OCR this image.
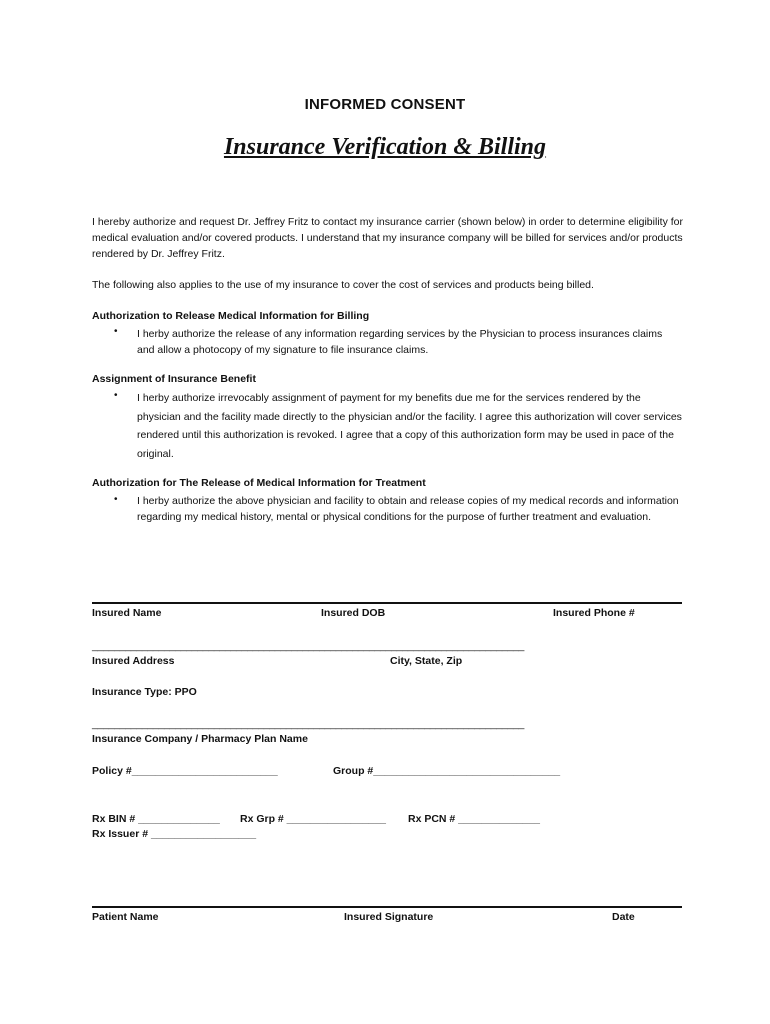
INFORMED CONSENT
Insurance Verification & Billing
I hereby authorize and request Dr. Jeffrey Fritz to contact my insurance carrier (shown below) in order to determine eligibility for medical evaluation and/or covered products. I understand that my insurance company will be billed for services and/or products rendered by Dr. Jeffrey Fritz.
The following also applies to the use of my insurance to cover the cost of services and products being billed.
Authorization to Release Medical Information for Billing
• I herby authorize the release of any information regarding services by the Physician to process insurances claims and allow a photocopy of my signature to file insurance claims.
Assignment of Insurance Benefit
• I herby authorize irrevocably assignment of payment for my benefits due me for the services rendered by the physician and the facility made directly to the physician and/or the facility. I agree this authorization will cover services rendered until this authorization is revoked. I agree that a copy of this authorization form may be used in pace of the original.
Authorization for The Release of Medical Information for Treatment
• I herby authorize the above physician and facility to obtain and release copies of my medical records and information regarding my medical history, mental or physical conditions for the purpose of further treatment and evaluation.
Insured Name	Insured DOB	Insured Phone #
______________________________________________________________________________
Insured Address	City, State, Zip
Insurance Type: PPO
______________________________________________________________________________
Insurance Company / Pharmacy Plan Name
Policy #_________________________	Group #________________________________
Rx BIN # ______________ Rx Grp # _________________ Rx PCN # ______________
Rx Issuer # __________________
Patient Name	Insured Signature	Date
